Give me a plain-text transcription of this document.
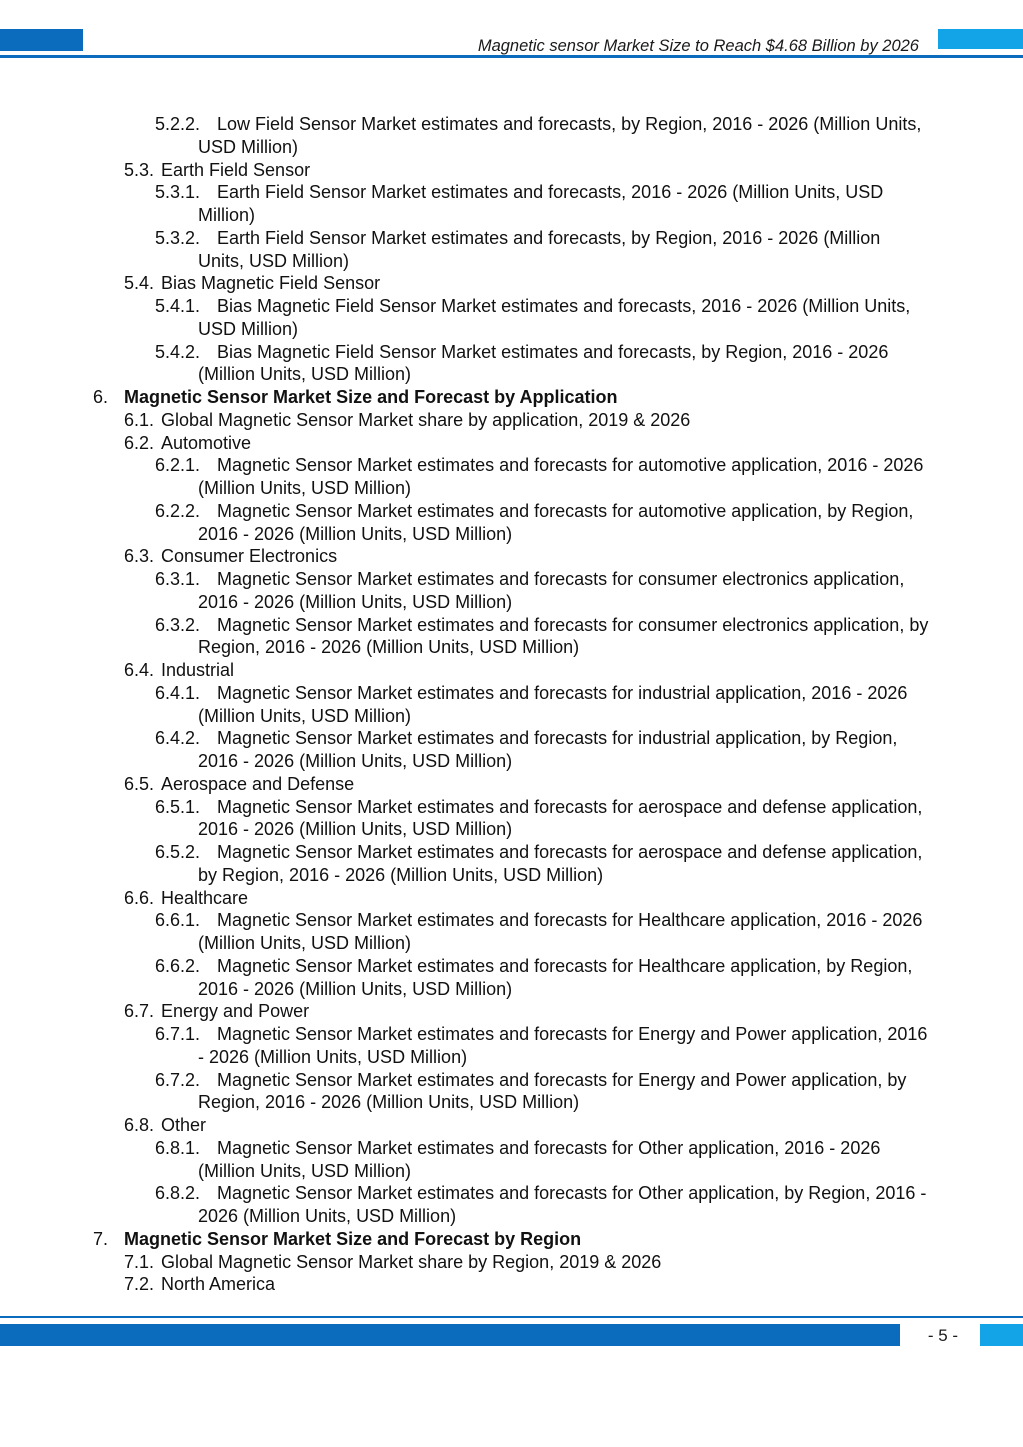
Magnetic sensor Market Size to Reach $4.68 Billion by 2026
5.2.2. Low Field Sensor Market estimates and forecasts, by Region, 2016 - 2026 (Million Units, USD Million)
5.3. Earth Field Sensor
5.3.1. Earth Field Sensor Market estimates and forecasts, 2016 - 2026 (Million Units, USD Million)
5.3.2. Earth Field Sensor Market estimates and forecasts, by Region, 2016 - 2026 (Million Units, USD Million)
5.4. Bias Magnetic Field Sensor
5.4.1. Bias Magnetic Field Sensor Market estimates and forecasts, 2016 - 2026 (Million Units, USD Million)
5.4.2. Bias Magnetic Field Sensor Market estimates and forecasts, by Region, 2016 - 2026 (Million Units, USD Million)
6. Magnetic Sensor Market Size and Forecast by Application
6.1. Global Magnetic Sensor Market share by application, 2019 & 2026
6.2. Automotive
6.2.1. Magnetic Sensor Market estimates and forecasts for automotive application, 2016 - 2026 (Million Units, USD Million)
6.2.2. Magnetic Sensor Market estimates and forecasts for automotive application, by Region, 2016 - 2026 (Million Units, USD Million)
6.3. Consumer Electronics
6.3.1. Magnetic Sensor Market estimates and forecasts for consumer electronics application, 2016 - 2026 (Million Units, USD Million)
6.3.2. Magnetic Sensor Market estimates and forecasts for consumer electronics application, by Region, 2016 - 2026 (Million Units, USD Million)
6.4. Industrial
6.4.1. Magnetic Sensor Market estimates and forecasts for industrial application, 2016 - 2026 (Million Units, USD Million)
6.4.2. Magnetic Sensor Market estimates and forecasts for industrial application, by Region, 2016 - 2026 (Million Units, USD Million)
6.5. Aerospace and Defense
6.5.1. Magnetic Sensor Market estimates and forecasts for aerospace and defense application, 2016 - 2026 (Million Units, USD Million)
6.5.2. Magnetic Sensor Market estimates and forecasts for aerospace and defense application, by Region, 2016 - 2026 (Million Units, USD Million)
6.6. Healthcare
6.6.1. Magnetic Sensor Market estimates and forecasts for Healthcare application, 2016 - 2026 (Million Units, USD Million)
6.6.2. Magnetic Sensor Market estimates and forecasts for Healthcare application, by Region, 2016 - 2026 (Million Units, USD Million)
6.7. Energy and Power
6.7.1. Magnetic Sensor Market estimates and forecasts for Energy and Power application, 2016 - 2026 (Million Units, USD Million)
6.7.2. Magnetic Sensor Market estimates and forecasts for Energy and Power application, by Region, 2016 - 2026 (Million Units, USD Million)
6.8. Other
6.8.1. Magnetic Sensor Market estimates and forecasts for Other application, 2016 - 2026 (Million Units, USD Million)
6.8.2. Magnetic Sensor Market estimates and forecasts for Other application, by Region, 2016 - 2026 (Million Units, USD Million)
7. Magnetic Sensor Market Size and Forecast by Region
7.1. Global Magnetic Sensor Market share by Region, 2019 & 2026
7.2. North America
- 5 -
